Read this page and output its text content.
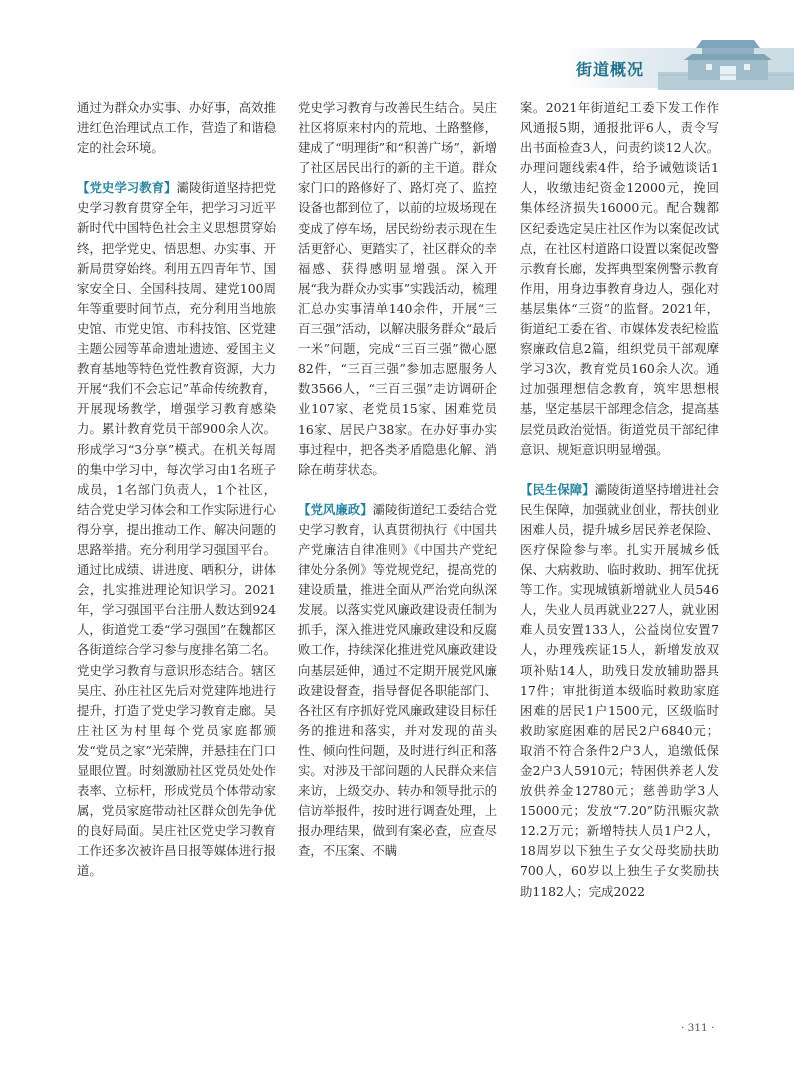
街道概况

通过为群众办实事、办好事，高效推进红色治理试点工作，营造了和谐稳定的社会环境。

【党史学习教育】灞陵街道坚持把党史学习教育贯穿全年，把学习习近平新时代中国特色社会主义思想贯穿始终，把学党史、悟思想、办实事、开新局贯穿始终。利用五四青年节、国家安全日、全国科技周、建党100周年等重要时间节点，充分利用当地旅史馆、市党史馆、市科技馆、区党建主题公园等革命遗址遗迹、爱国主义教育基地等特色党性教育资源，大力开展“我们不会忘记”革命传统教育，开展现场教学，增强学习教育感染力。累计教育党员干部900余人次。形成学习“3分享”模式。在机关每周的集中学习中，每次学习由1名班子成员，1名部门负责人，1个社区，结合党史学习体会和工作实际进行心得分享，提出推动工作、解决问题的思路举措。充分利用学习强国平台。通过比成绩、讲进度、晒积分，讲体会，扎实推进理论知识学习。2021年，学习强国平台注册人数达到924人，街道党工委“学习强国”在魏都区各街道综合学习参与度排名第二名。党史学习教育与意识形态结合。辖区吴庄、孙庄社区先后对党建阵地进行提升，打造了党史学习教育走廊。吴庄社区为村里每个党员家庭都颁发“党员之家”光荣牌，并悬挂在门口显眼位置。时刻激励社区党员处处作表率、立标杆，形成党员个体带动家属，党员家庭带动社区群众创先争优的良好局面。吴庄社区党史学习教育工作还多次被许昌日报等媒体进行报道。

党史学习教育与改善民生结合。吴庄社区将原来村内的荒地、土路整修，建成了“明理街”和“积善广场”，新增了社区居民出行的新的主干道。群众家门口的路修好了、路灯亮了、监控设备也都到位了，以前的垃圾场现在变成了停车场，居民纷纷表示现在生活更舒心、更踏实了，社区群众的幸福感、获得感明显增强。深入开展“我为群众办实事”实践活动，梳理汇总办实事清单140余件，开展“三百三强”活动，以解决服务群众“最后一米”问题，完成“三百三强”微心愿82件，“三百三强”参加志愿服务人数3566人，“三百三强”走访调研企业107家、老党员15家、困难党员16家、居民户38家。在办好事办实事过程中，把各类矛盾隐患化解、消除在萌芽状态。

【党风廉政】灞陵街道纪工委结合党史学习教育，认真贯彻执行《中国共产党廉洁自律准则》《中国共产党纪律处分条例》等党规党纪，提高党的建设质量，推进全面从严治党向纵深发展。以落实党风廉政建设责任制为抓手，深入推进党风廉政建设和反腐败工作，持续深化推进党风廉政建设向基层延伸，通过不定期开展党风廉政建设督查，指导督促各职能部门、各社区有序抓好党风廉政建设目标任务的推进和落实，并对发现的苗头性、倾向性问题，及时进行纠正和落实。对涉及干部问题的人民群众来信来访，上级交办、转办和领导批示的信访举报件，按时进行调查处理，上报办理结果，做到有案必查，应查尽查，不压案、不瞒

案。2021年街道纪工委下发工作作风通报5期，通报批评6人，责令写出书面检查3人，问责约谈12人次。办理问题线索4件，给予诫勉谈话1人，收缴违纪资金12000元，挽回集体经济损失16000元。配合魏都区纪委选定吴庄社区作为以案促改试点，在社区村道路口设置以案促改警示教育长廊，发挥典型案例警示教育作用，用身边事教育身边人，强化对基层集体“三资”的监督。2021年，街道纪工委在省、市媒体发表纪检监察廉政信息2篇，组织党员干部观摩学习3次，教育党员160余人次。通过加强理想信念教育，筑牢思想根基，坚定基层干部理念信念，提高基层党员政治觉悟。街道党员干部纪律意识、规矩意识明显增强。

【民生保障】灞陵街道坚持增进社会民生保障，加强就业创业，帮扶创业困难人员，提升城乡居民养老保险、医疗保险参与率。扎实开展城乡低保、大病救助、临时救助、拥军优抚等工作。实现城镇新增就业人员546人，失业人员再就业227人，就业困难人员安置133人，公益岗位安置7人，办理残疾证15人，新增发放双项补贴14人，助残日发放辅助器具17件；审批街道本级临时救助家庭困难的居民1户1500元，区级临时救助家庭困难的居民2户6840元；取消不符合条件2户3人，追缴低保金2户3人5910元；特困供养老人发放供养金12780元；慈善助学3人15000元；发放“7.20”防汛赈灾款12.2万元；新增特扶人员1户2人，18周岁以下独生子女父母奖励扶助700人，60岁以上独生子女奖励扶助1182人；完成2022

· 311 ·
